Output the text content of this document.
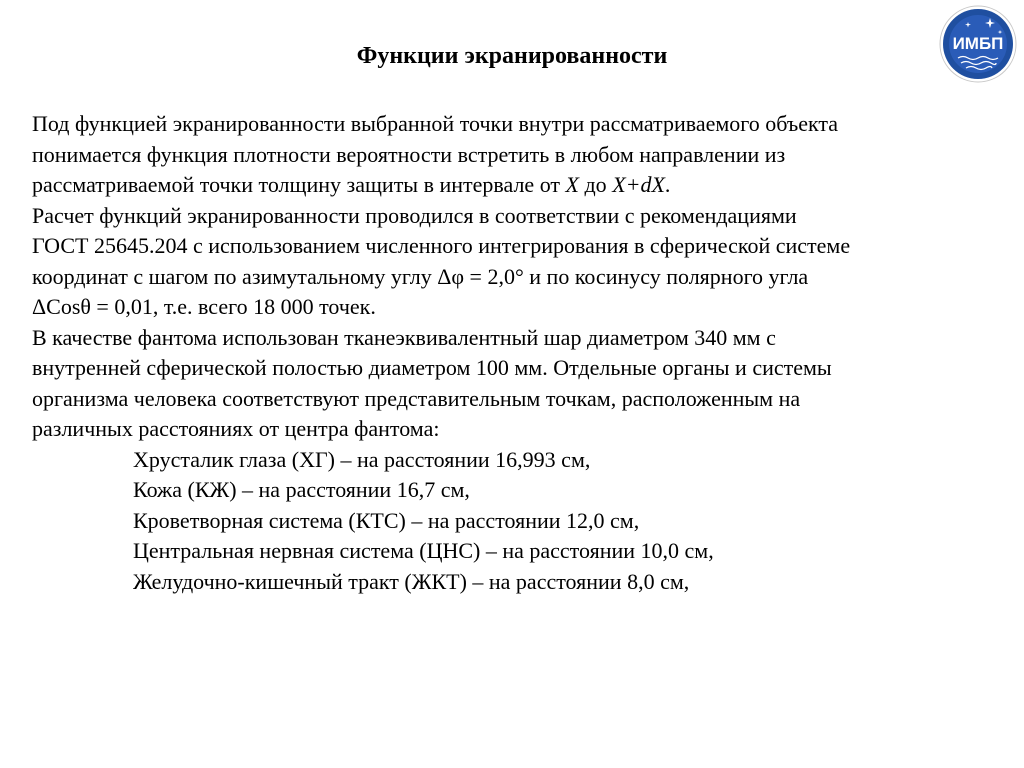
Функции экранированности	ИМБП
Под функцией экранированности выбранной точки внутри рассматриваемого объекта
понимается функция плотности вероятности встретить в любом направлении из
рассматриваемой точки толщину защиты в интервале от X до X+dX.
Расчет функций экранированности проводился в соответствии с рекомендациями
ГОСТ 25645.204 с использованием численного интегрирования в сферической системе
координат с шагом по азимутальному углу Δφ = 2,0° и по косинусу полярного угла
ΔCosθ = 0,01, т.е. всего 18 000 точек.
В качестве фантома использован тканеэквивалентный шар диаметром 340 мм с
внутренней сферической полостью диаметром 100 мм. Отдельные органы и системы
организма человека соответствуют представительным точкам, расположенным на
различных расстояниях от центра фантома:
Хрусталик глаза (ХГ) – на расстоянии 16,993 см,
Кожа (КЖ) – на расстоянии 16,7 см,
Кроветворная система (КТС) – на расстоянии 12,0 см,
Центральная нервная система (ЦНС) – на расстоянии 10,0 см,
Желудочно-кишечный тракт (ЖКТ) – на расстоянии 8,0 см,
